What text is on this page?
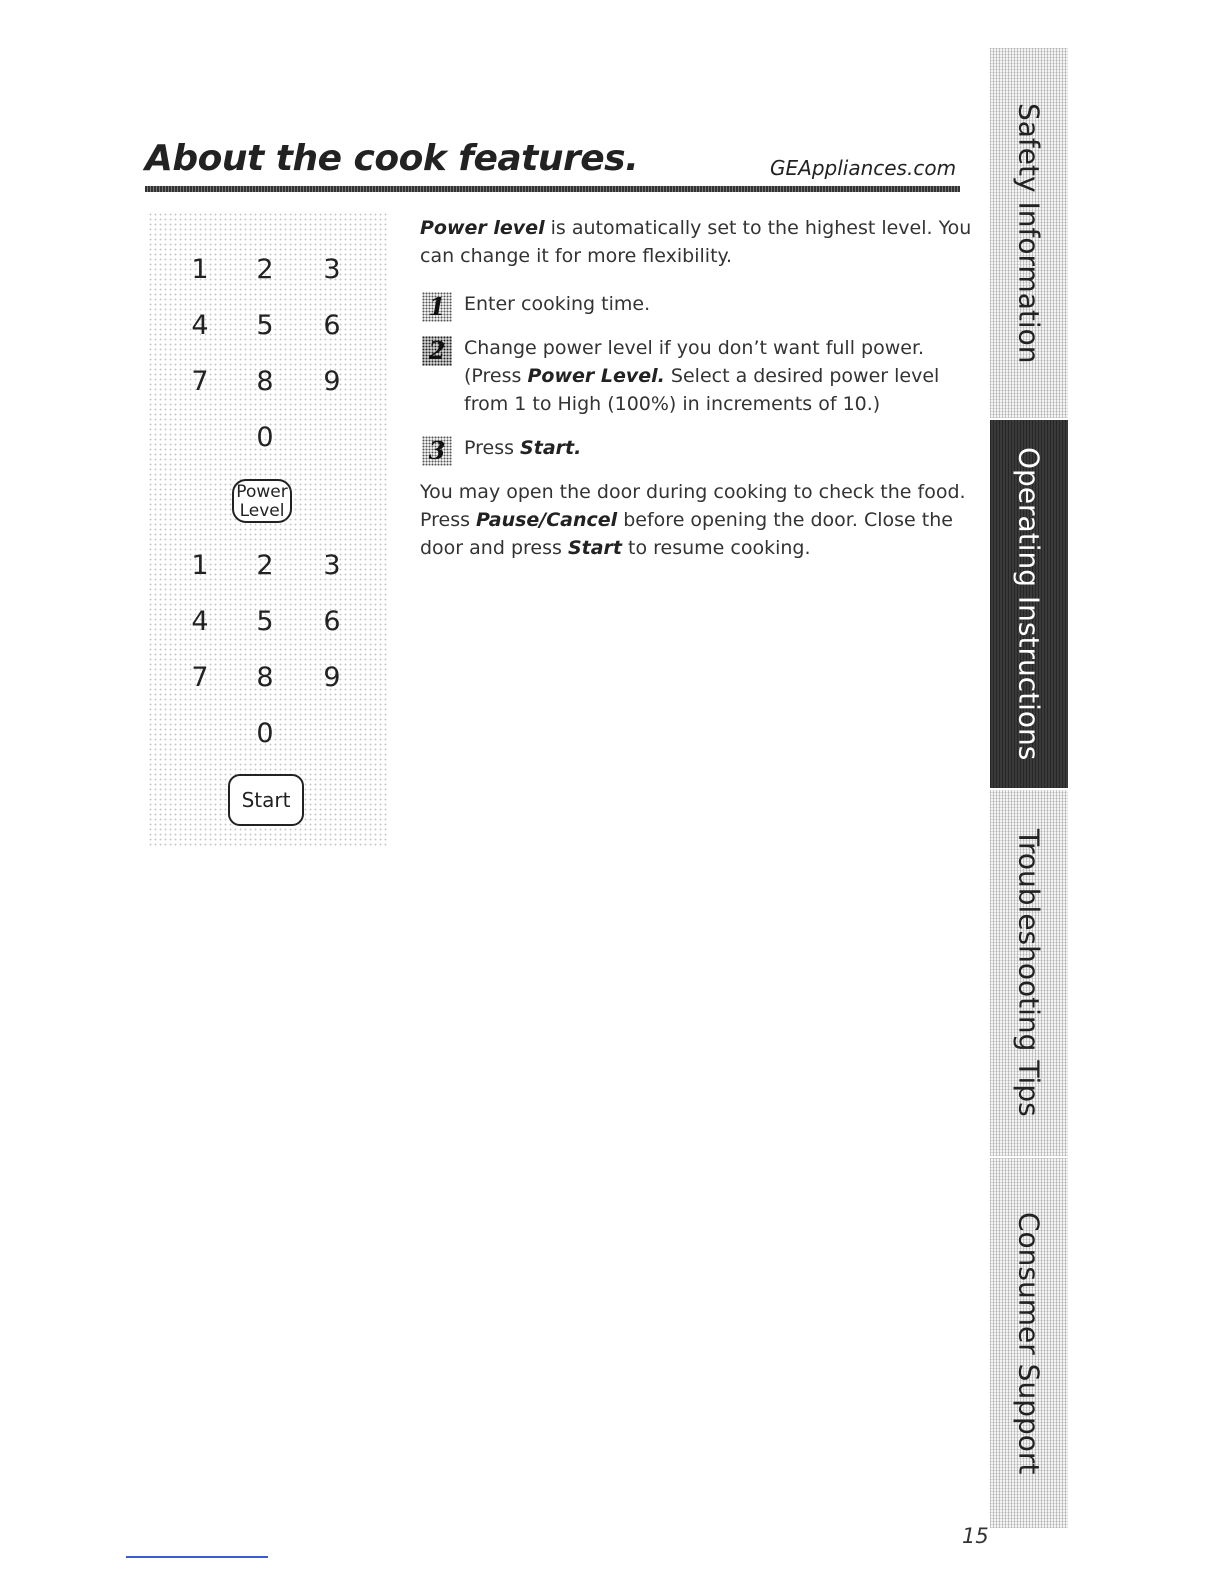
About the cook features.	GEAppliances.com
1	2	3
4	5	6
7	8	9
0
Power
Level
1	2	3
4	5	6
7	8	9
0
Start

Power level is automatically set to the highest level. You can change it for more flexibility.

1 Enter cooking time.
2 Change power level if you don’t want full power. (Press Power Level. Select a desired power level from 1 to High (100%) in increments of 10.)
3 Press Start.

You may open the door during cooking to check the food. Press Pause/Cancel before opening the door. Close the door and press Start to resume cooking.

Safety Information
Operating Instructions
Troubleshooting Tips
Consumer Support
15
